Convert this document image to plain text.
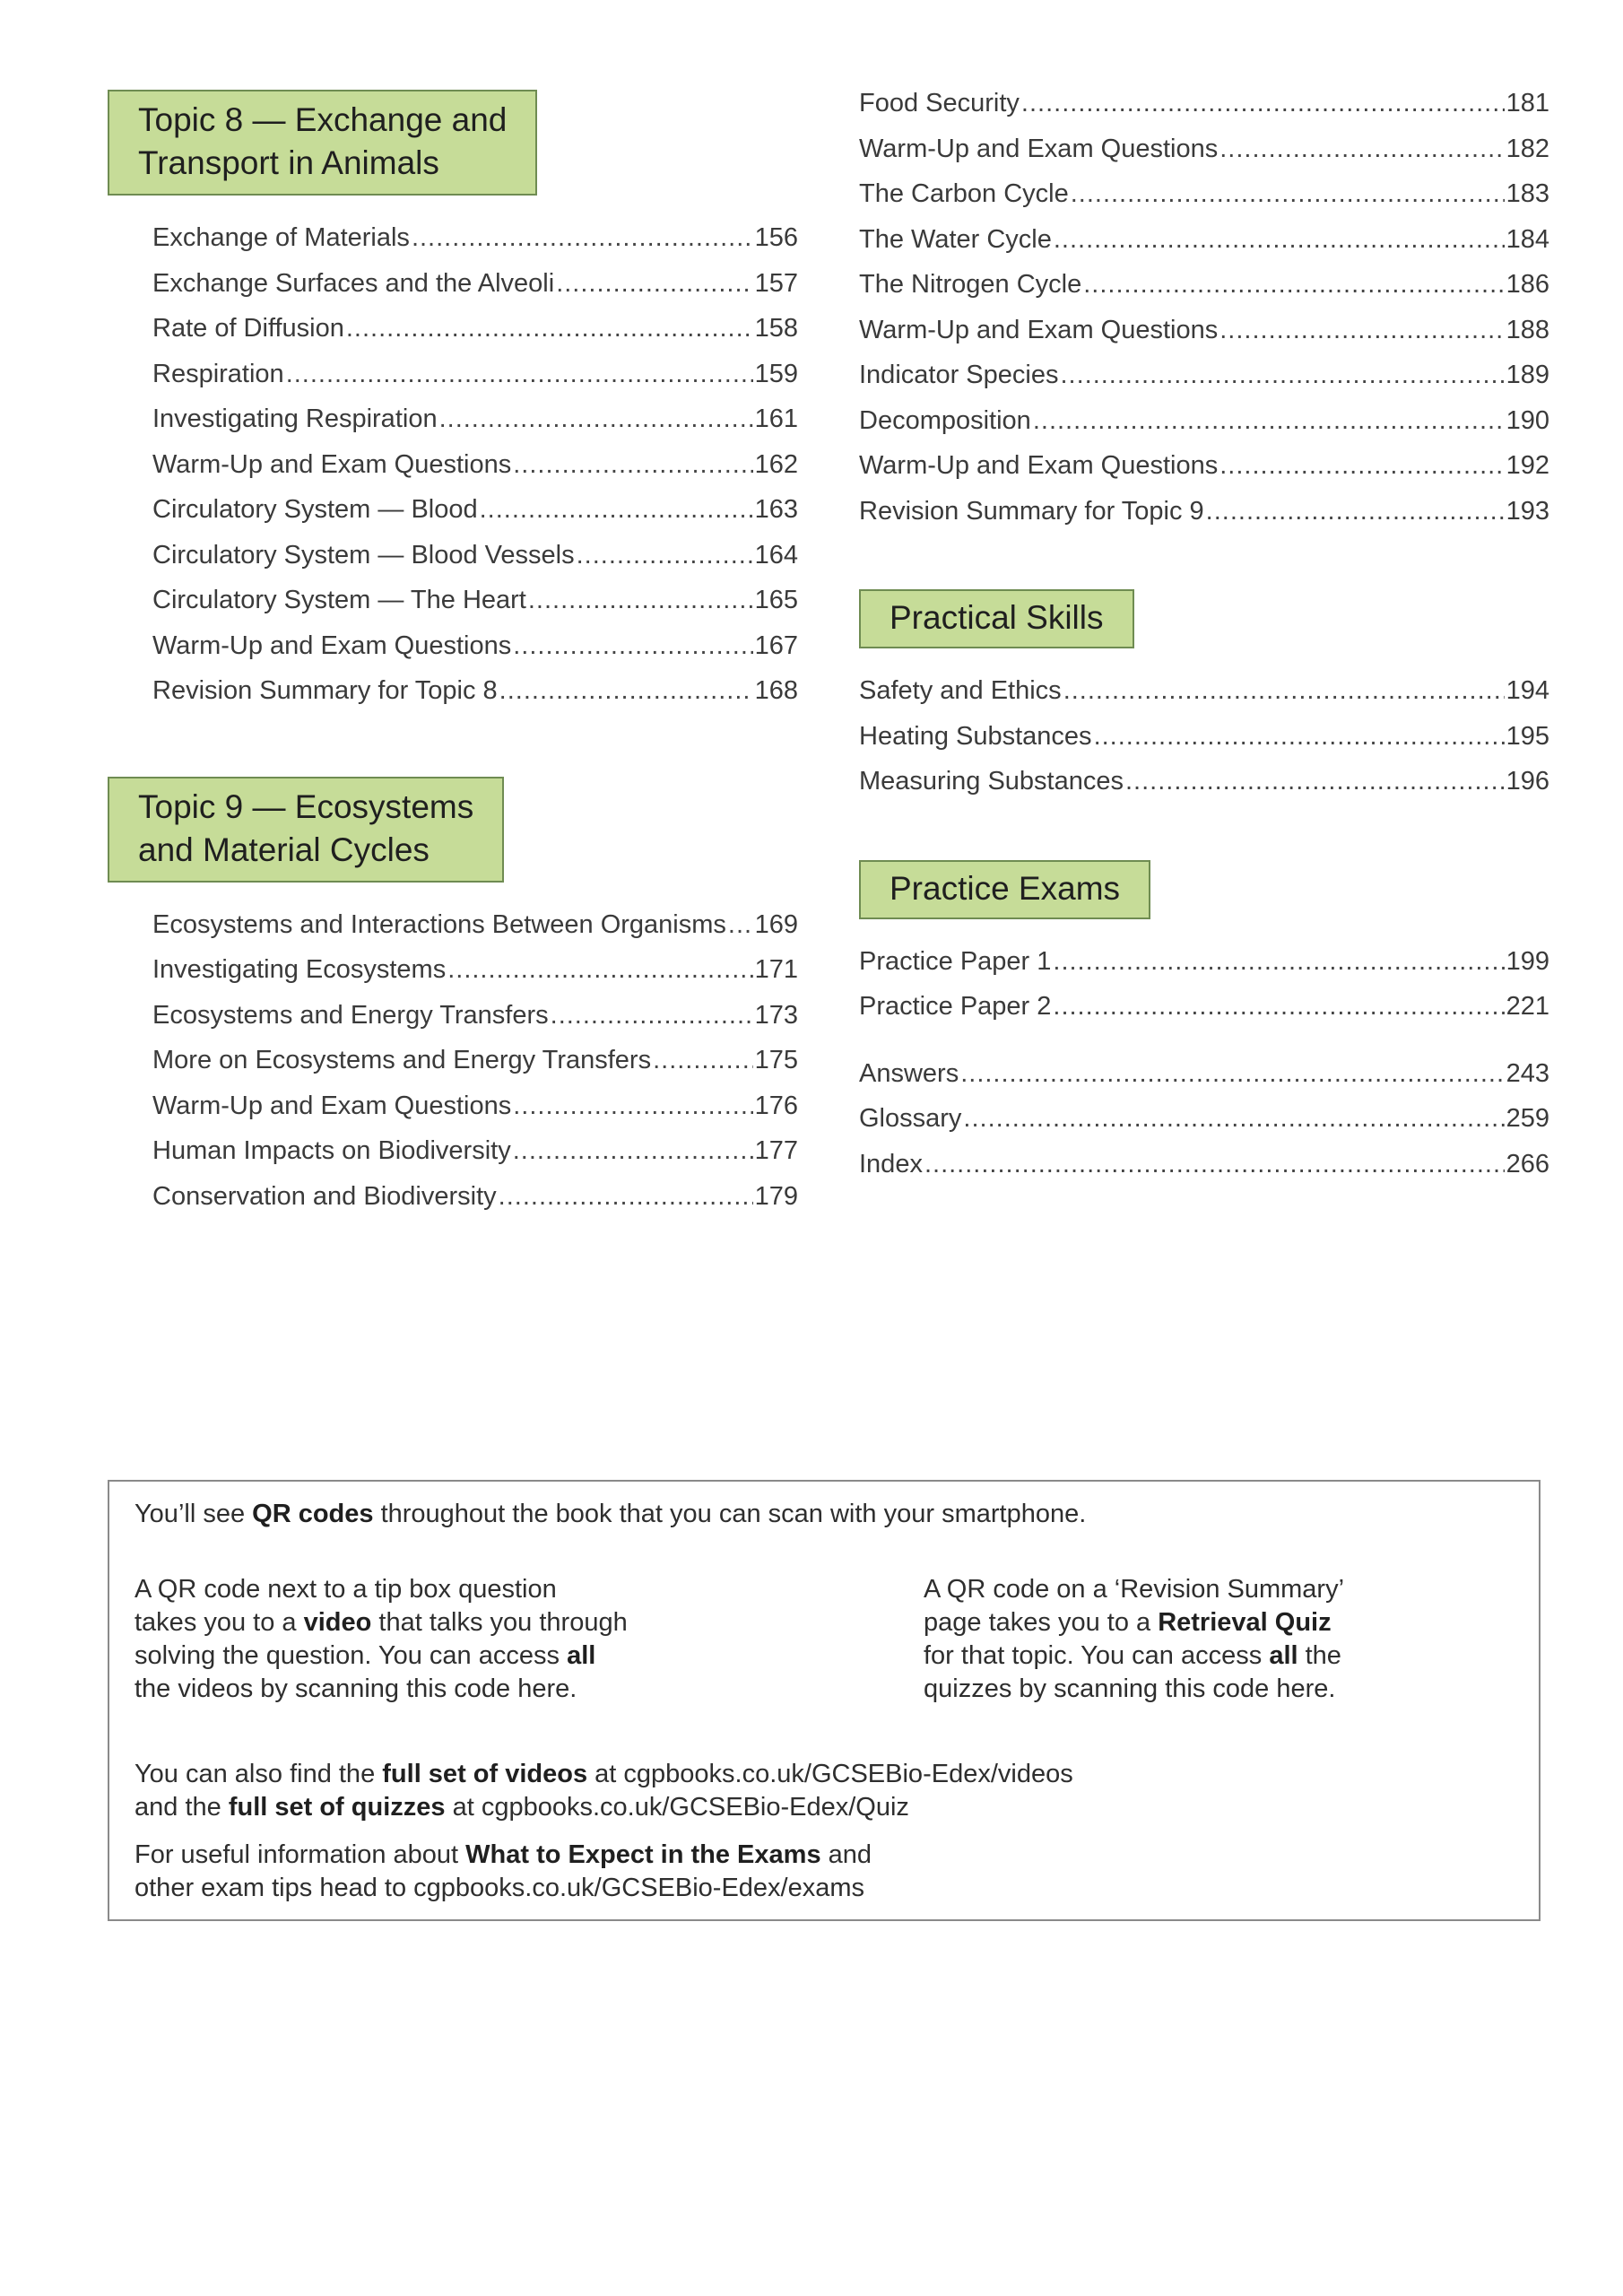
Topic 8 — Exchange and
Transport in Animals
Exchange of Materials .....	156
Exchange Surfaces and the Alveoli .....	157
Rate of Diffusion .....	158
Respiration .....	159
Investigating Respiration .....	161
Warm-Up and Exam Questions .....	162
Circulatory System — Blood .....	163
Circulatory System — Blood Vessels .....	164
Circulatory System — The Heart .....	165
Warm-Up and Exam Questions .....	167
Revision Summary for Topic 8 .....	168
Topic 9 — Ecosystems
and Material Cycles
Ecosystems and Interactions Between Organisms ..... 169
Investigating Ecosystems .....	171
Ecosystems and Energy Transfers .....	173
More on Ecosystems and Energy Transfers .....	175
Warm-Up and Exam Questions .....	176
Human Impacts on Biodiversity .....	177
Conservation and Biodiversity .....	179
Food Security .....	181
Warm-Up and Exam Questions .....	182
The Carbon Cycle .....	183
The Water Cycle .....	184
The Nitrogen Cycle .....	186
Warm-Up and Exam Questions .....	188
Indicator Species .....	189
Decomposition .....	190
Warm-Up and Exam Questions .....	192
Revision Summary for Topic 9 .....	193
Practical Skills
Safety and Ethics .....	194
Heating Substances .....	195
Measuring Substances .....	196
Practice Exams
Practice Paper 1 .....	199
Practice Paper 2 .....	221
Answers .....	243
Glossary .....	259
Index .....	266

You’ll see QR codes throughout the book that you can scan with your smartphone.

A QR code next to a tip box question
takes you to a video that talks you through
solving the question. You can access all
the videos by scanning this code here.

A QR code on a ‘Revision Summary’
page takes you to a Retrieval Quiz
for that topic. You can access all the
quizzes by scanning this code here.

You can also find the full set of videos at cgpbooks.co.uk/GCSEBio-Edex/videos
and the full set of quizzes at cgpbooks.co.uk/GCSEBio-Edex/Quiz

For useful information about What to Expect in the Exams and
other exam tips head to cgpbooks.co.uk/GCSEBio-Edex/exams
